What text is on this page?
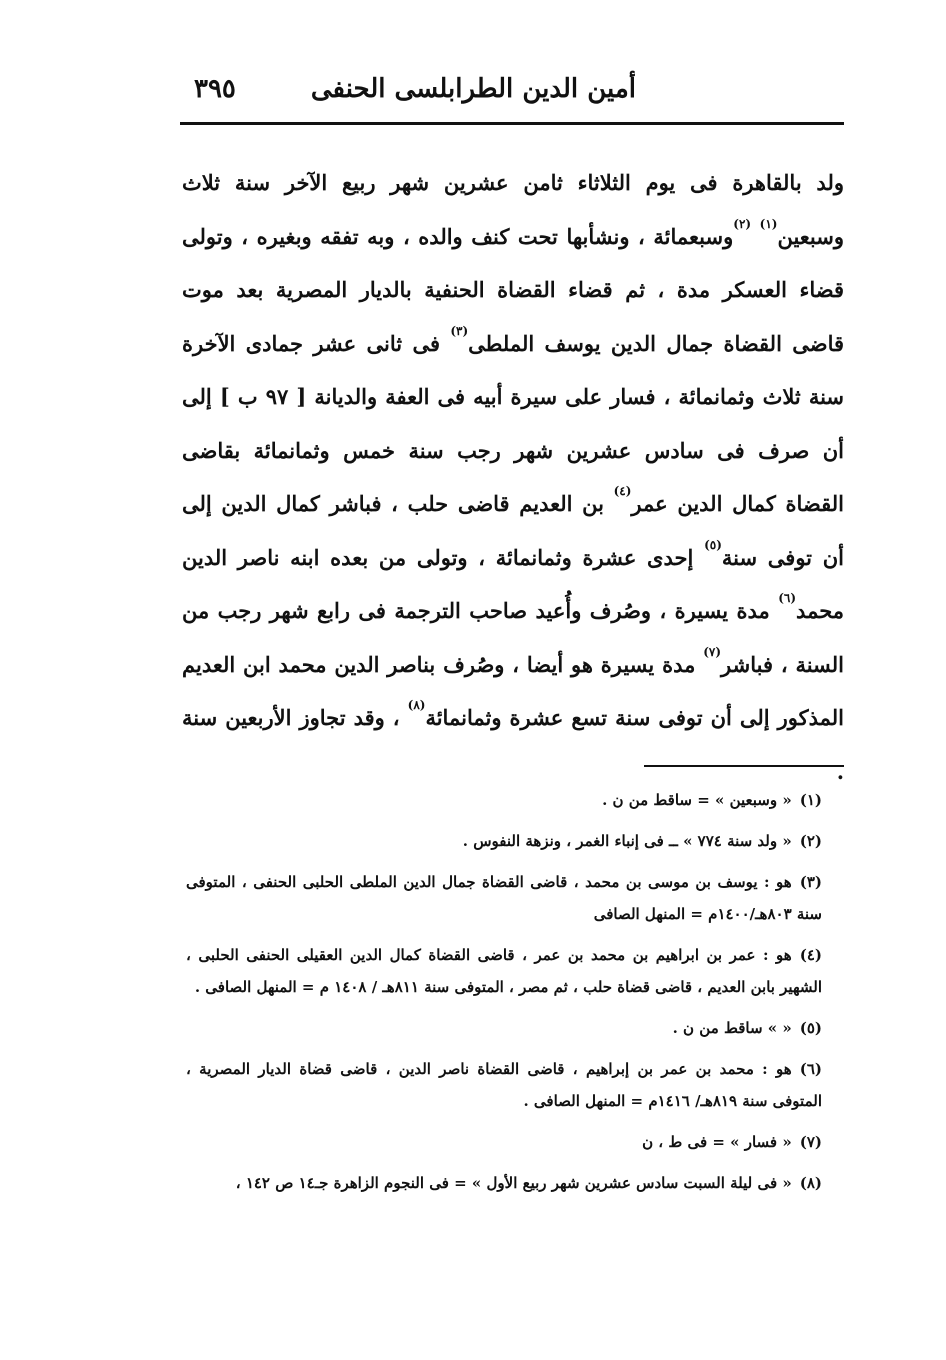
أمين الدين الطرابلسى الحنفى
٣٩٥
ولد بالقاهرة فى يوم الثلاثاء ثامن عشرين شهر ربيع الآخر سنة ثلاث وسبعين$^{(١)}$ $^{(٢)}$وسبعمائة ، ونشأبها تحت كنف والده ، وبه تفقه وبغيره ، وتولى قضاء العسكر مدة ، ثم قضاء القضاة الحنفية بالديار المصرية بعد موت قاضى القضاة جمال الدين يوسف الملطى$^{(٣)}$ فى ثانى عشر جمادى الآخرة سنة ثلاث وثمانمائة ، فسار على سيرة أبيه فى العفة والديانة [ ٩٧ ب ] إلى أن صرف فى سادس عشرين شهر رجب سنة خمس وثمانمائة بقاضى القضاة كمال الدين عمر$^{(٤)}$ بن العديم قاضى حلب ، فباشر كمال الدين إلى أن توفى سنة$^{(٥)}$ إحدى عشرة وثمانمائة ، وتولى من بعده ابنه ناصر الدين محمد$^{(٦)}$ مدة يسيرة ، وصُرف وأُعيد صاحب الترجمة فى رابع شهر رجب من السنة ، فباشر$^{(٧)}$ مدة يسيرة هو أيضا ، وصُرف بناصر الدين محمد ابن العديم المذكور إلى أن توفى سنة تسع عشرة وثمانمائة$^{(٨)}$ ، وقد تجاوز الأربعين سنة .
(١)« وسبعين » = ساقط من ن .
(٢)« ولد سنة ٧٧٤ » ــ فى إنباء الغمر ، ونزهة النفوس .
(٣)هو : يوسف بن موسى بن محمد ، قاضى القضاة جمال الدين الملطى الحلبى الحنفى ، المتوفى سنة ٨٠٣هـ/١٤٠٠م = المنهل الصافى
(٤)هو : عمر بن ابراهيم بن محمد بن عمر ، قاضى القضاة كمال الدين العقيلى الحنفى الحلبى ، الشهير بابن العديم ، قاضى قضاة حلب ، ثم مصر ، المتوفى سنة ٨١١هـ / ١٤٠٨ م = المنهل الصافى .
(٥)« » ساقط من ن .
(٦)هو : محمد بن عمر بن إبراهيم ، قاضى القضاة ناصر الدين ، قاضى قضاة الديار المصرية ، المتوفى سنة ٨١٩هـ/ ١٤١٦م = المنهل الصافى .
(٧)« فسار » = فى ط ، ن
(٨)« فى ليلة السبت سادس عشرين شهر ربيع الأول » = فى النجوم الزاهرة جـ١٤ ص ١٤٢ ،
